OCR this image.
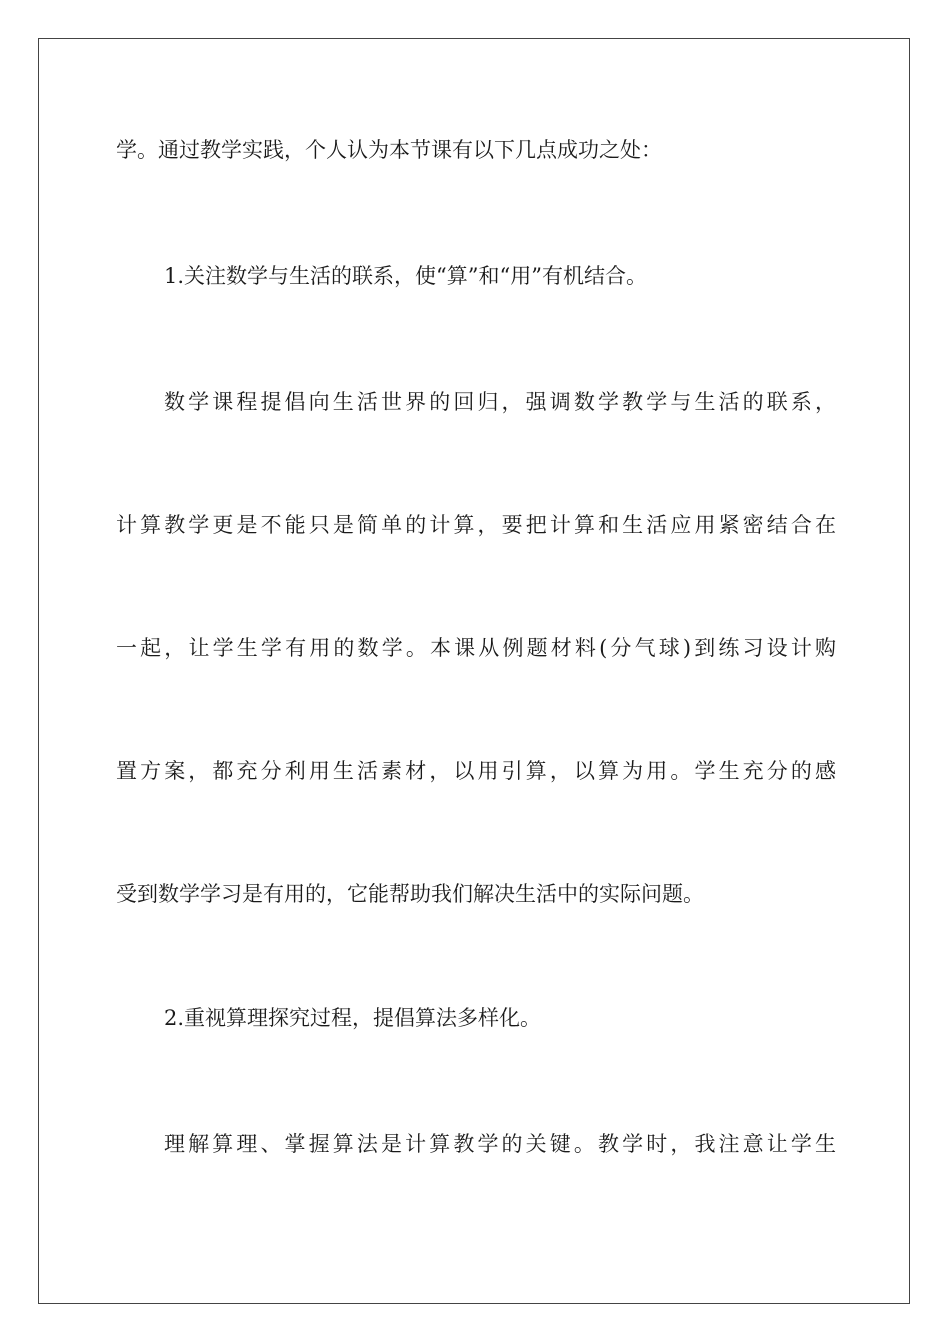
学。通过教学实践，个人认为本节课有以下几点成功之处：
1.关注数学与生活的联系，使“算”和“用”有机结合。
数学课程提倡向生活世界的回归，强调数学教学与生活的联系，
计算教学更是不能只是简单的计算，要把计算和生活应用紧密结合在
一起，让学生学有用的数学。本课从例题材料(分气球)到练习设计购
置方案，都充分利用生活素材，以用引算，以算为用。学生充分的感
受到数学学习是有用的，它能帮助我们解决生活中的实际问题。
2.重视算理探究过程，提倡算法多样化。
理解算理、掌握算法是计算教学的关键。教学时，我注意让学生
